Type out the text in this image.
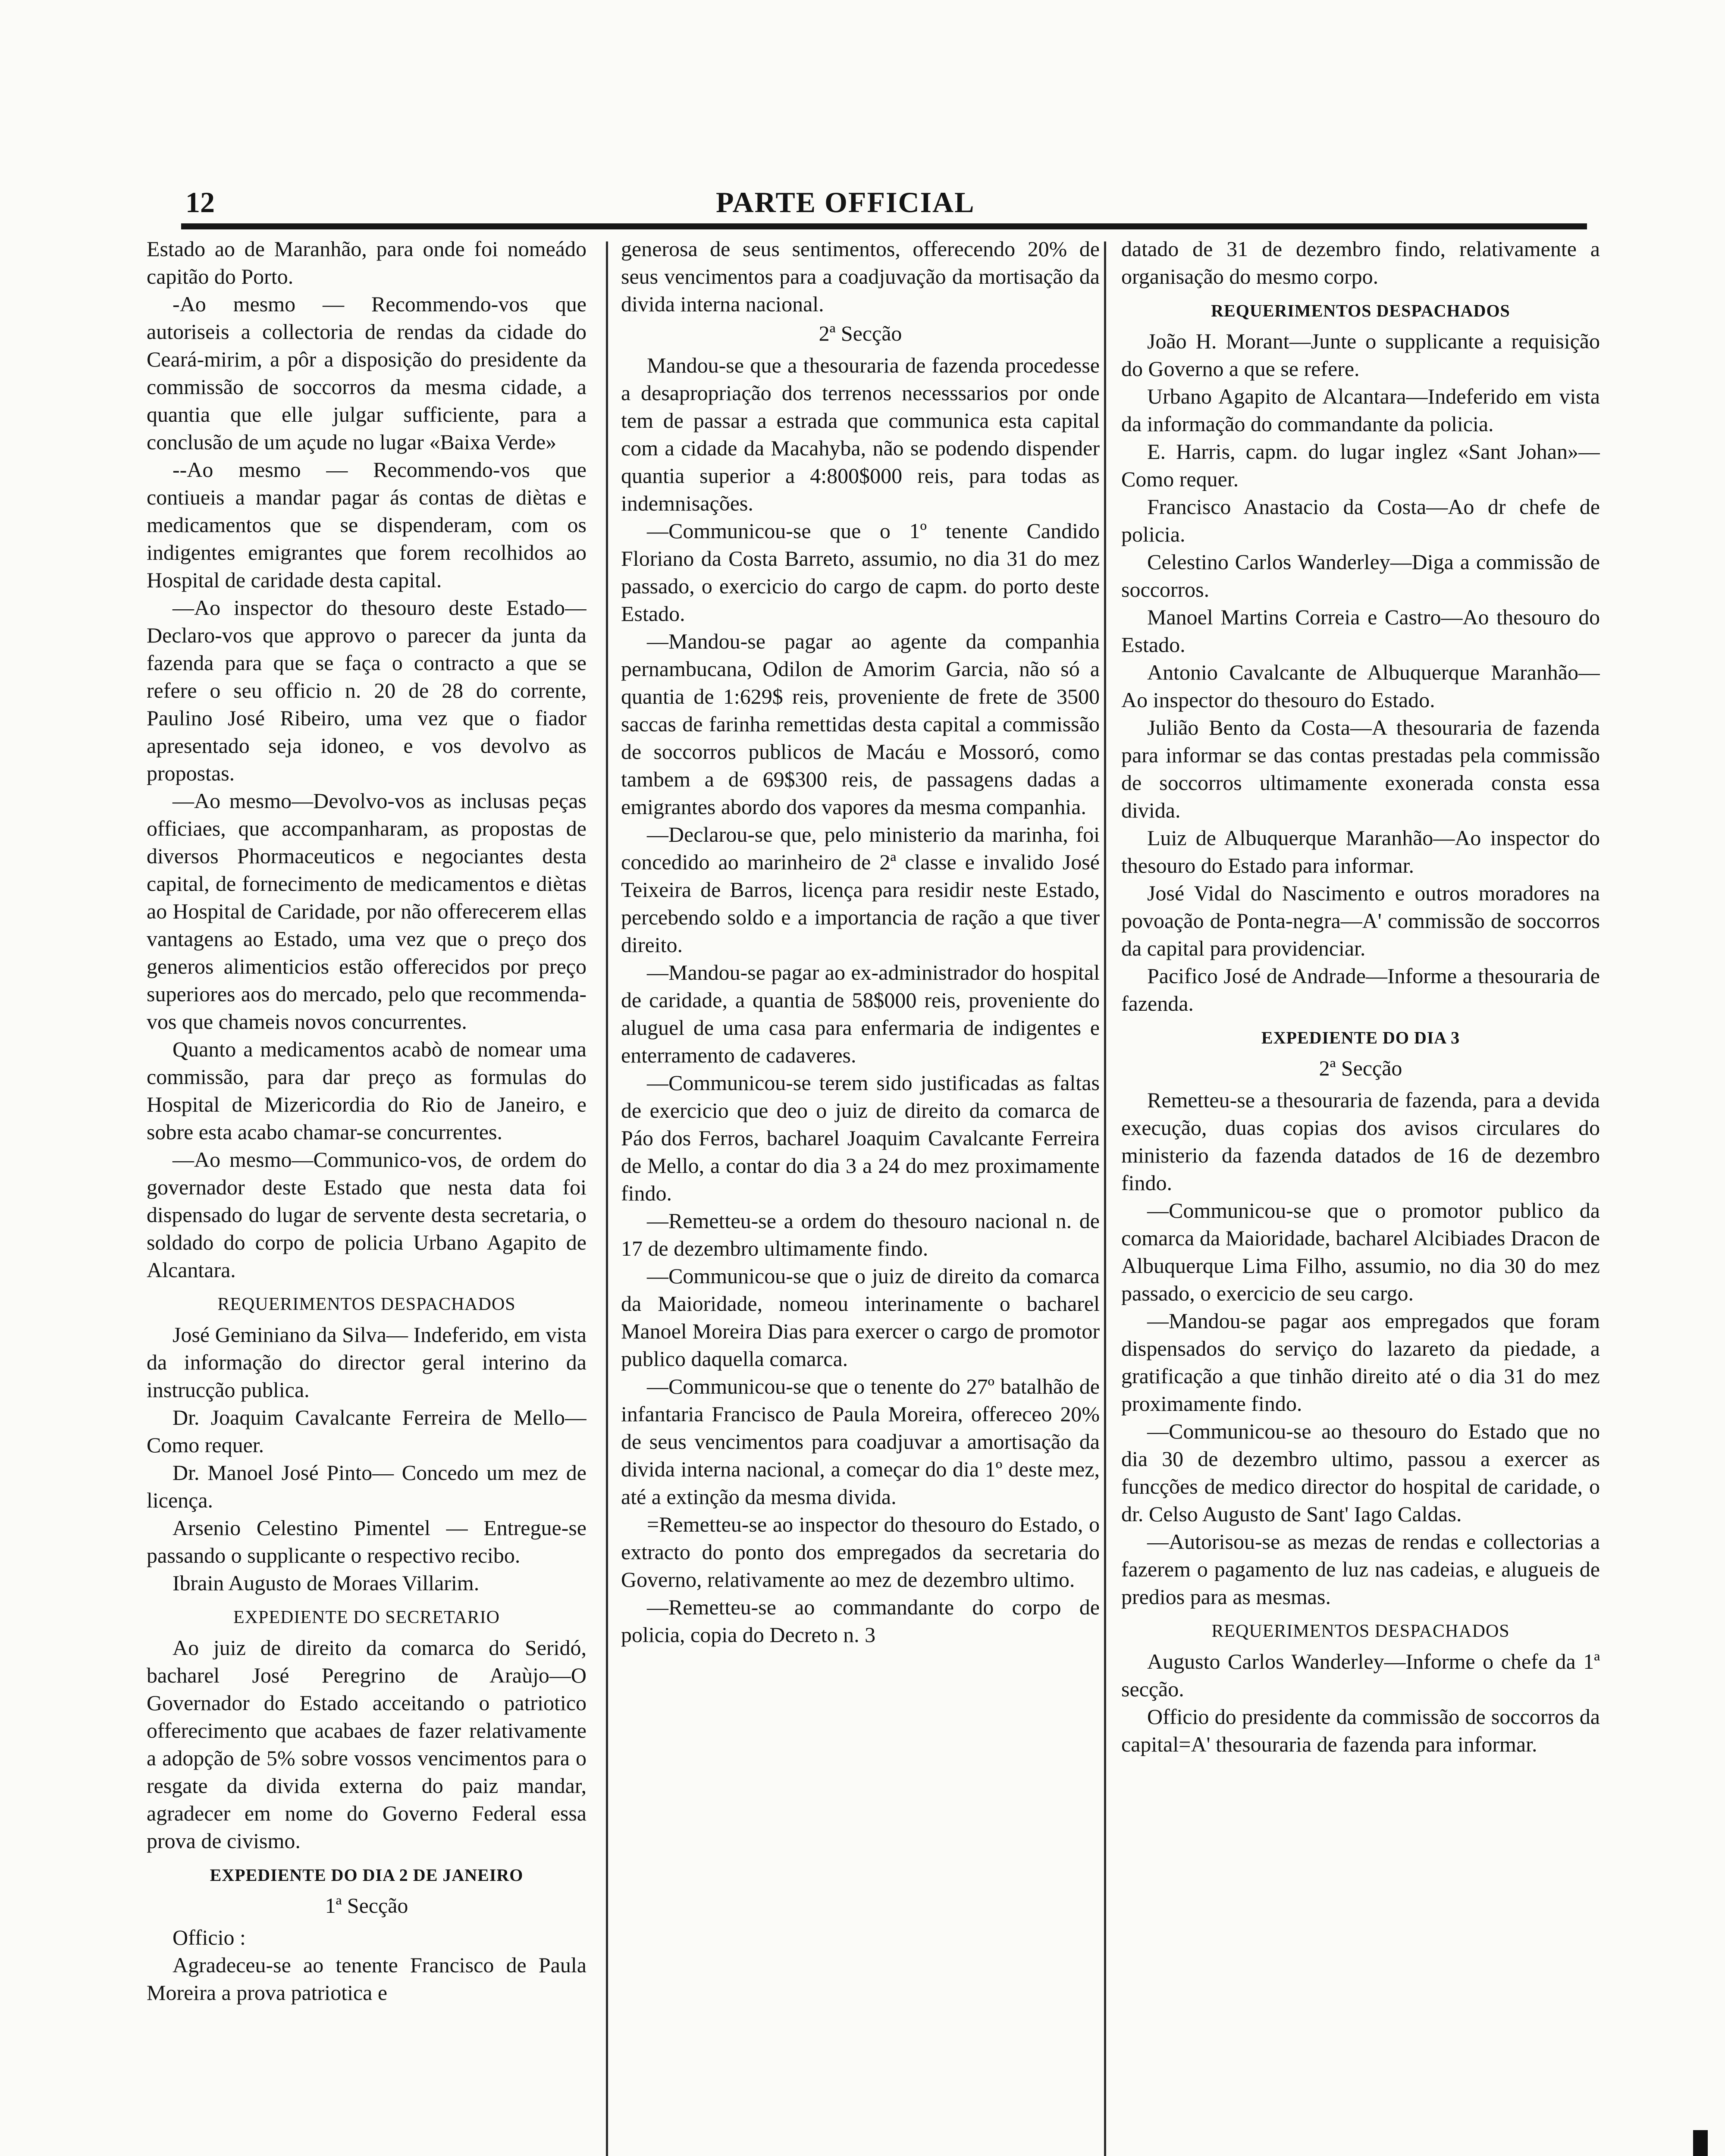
12	PARTE OFFICIAL

Estado ao de Maranhão, para onde foi nomeádo capitão do Porto.

-Ao mesmo — Recommendo-vos que autoriseis a collectoria de rendas da cidade do Ceará-mirim, a pôr a disposição do presidente da commissão de soccorros da mesma cidade, a quantia que elle julgar sufficiente, para a conclusão de um açude no lugar «Baixa Verde»

--Ao mesmo — Recommendo-vos que contiueis a mandar pagar ás contas de diètas e medicamentos que se dispenderam, com os indigentes emigrantes que forem recolhidos ao Hospital de caridade desta capital.

—Ao inspector do thesouro deste Estado—Declaro-vos que approvo o parecer da junta da fazenda para que se faça o contracto a que se refere o seu officio n. 20 de 28 do corrente, Paulino José Ribeiro, uma vez que o fiador apresentado seja idoneo, e vos devolvo as propostas.

—Ao mesmo—Devolvo-vos as inclusas peças officiaes, que accompanharam, as propostas de diversos Phormaceuticos e negociantes desta capital, de fornecimento de medicamentos e diètas ao Hospital de Caridade, por não offerecerem ellas vantagens ao Estado, uma vez que o preço dos generos alimenticios estão offerecidos por preço superiores aos do mercado, pelo que recommenda-vos que chameis novos concurrentes.

Quanto a medicamentos acabò de nomear uma commissão, para dar preço as formulas do Hospital de Mizericordia do Rio de Janeiro, e sobre esta acabo chamar-se concurrentes.

—Ao mesmo—Communico-vos, de ordem do governador deste Estado que nesta data foi dispensado do lugar de servente desta secretaria, o soldado do corpo de policia Urbano Agapito de Alcantara.

REQUERIMENTOS DESPACHADOS

José Geminiano da Silva— Indeferido, em vista da informação do director geral interino da instrucção publica.

Dr. Joaquim Cavalcante Ferreira de Mello—Como requer.

Dr. Manoel José Pinto— Concedo um mez de licença.

Arsenio Celestino Pimentel — Entregue-se passando o supplicante o respectivo recibo.

Ibrain Augusto de Moraes Villarim.

EXPEDIENTE DO SECRETARIO

Ao juiz de direito da comarca do Seridó, bacharel José Peregrino de Araùjo—O Governador do Estado acceitando o patriotico offerecimento que acabaes de fazer relativamente a adopção de 5% sobre vossos vencimentos para o resgate da divida externa do paiz mandar, agradecer em nome do Governo Federal essa prova de civismo.

EXPEDIENTE DO DIA 2 DE JANEIRO
1ª Secção

Officio :

Agradeceu-se ao tenente Francisco de Paula Moreira a prova patriotica e

generosa de seus sentimentos, offerecendo 20% de seus vencimentos para a coadjuvação da mortisação da divida interna nacional.

2ª Secção

Mandou-se que a thesouraria de fazenda procedesse a desapropriação dos terrenos necesssarios por onde tem de passar a estrada que communica esta capital com a cidade da Macahyba, não se podendo dispender quantia superior a 4:800$000 reis, para todas as indemnisações.

—Communicou-se que o 1º tenente Candido Floriano da Costa Barreto, assumio, no dia 31 do mez passado, o exercicio do cargo de capm. do porto deste Estado.

—Mandou-se pagar ao agente da companhia pernambucana, Odilon de Amorim Garcia, não só a quantia de 1:629$ reis, proveniente de frete de 3500 saccas de farinha remettidas desta capital a commissão de soccorros publicos de Macáu e Mossoró, como tambem a de 69$300 reis, de passagens dadas a emigrantes abordo dos vapores da mesma companhia.

—Declarou-se que, pelo ministerio da marinha, foi concedido ao marinheiro de 2ª classe e invalido José Teixeira de Barros, licença para residir neste Estado, percebendo soldo e a importancia de ração a que tiver direito.

—Mandou-se pagar ao ex-administrador do hospital de caridade, a quantia de 58$000 reis, proveniente do aluguel de uma casa para enfermaria de indigentes e enterramento de cadaveres.

—Communicou-se terem sido justificadas as faltas de exercicio que deo o juiz de direito da comarca de Páo dos Ferros, bacharel Joaquim Cavalcante Ferreira de Mello, a contar do dia 3 a 24 do mez proximamente findo.

—Remetteu-se a ordem do thesouro nacional n. de 17 de dezembro ultimamente findo.

—Communicou-se que o juiz de direito da comarca da Maioridade, nomeou interinamente o bacharel Manoel Moreira Dias para exercer o cargo de promotor publico daquella comarca.

—Communicou-se que o tenente do 27º batalhão de infantaria Francisco de Paula Moreira, offereceo 20% de seus vencimentos para coadjuvar a amortisação da divida interna nacional, a começar do dia 1º deste mez, até a extinção da mesma divida.

=Remetteu-se ao inspector do thesouro do Estado, o extracto do ponto dos empregados da secretaria do Governo, relativamente ao mez de dezembro ultimo.

—Remetteu-se ao commandante do corpo de policia, copia do Decreto n. 3

datado de 31 de dezembro findo, relativamente a organisação do mesmo corpo.

REQUERIMENTOS DESPACHADOS

João H. Morant—Junte o supplicante a requisição do Governo a que se refere.

Urbano Agapito de Alcantara—Indeferido em vista da informação do commandante da policia.

E. Harris, capm. do lugar inglez «Sant Johan»—Como requer.

Francisco Anastacio da Costa—Ao dr chefe de policia.

Celestino Carlos Wanderley—Diga a commissão de soccorros.

Manoel Martins Correia e Castro—Ao thesouro do Estado.

Antonio Cavalcante de Albuquerque Maranhão—Ao inspector do thesouro do Estado.

Julião Bento da Costa—A thesouraria de fazenda para informar se das contas prestadas pela commissão de soccorros ultimamente exonerada consta essa divida.

Luiz de Albuquerque Maranhão—Ao inspector do thesouro do Estado para informar.

José Vidal do Nascimento e outros moradores na povoação de Ponta-negra—A' commissão de soccorros da capital para providenciar.

Pacifico José de Andrade—Informe a thesouraria de fazenda.

EXPEDIENTE DO DIA 3
2ª Secção

Remetteu-se a thesouraria de fazenda, para a devida execução, duas copias dos avisos circulares do ministerio da fazenda datados de 16 de dezembro findo.

—Communicou-se que o promotor publico da comarca da Maioridade, bacharel Alcibiades Dracon de Albuquerque Lima Filho, assumio, no dia 30 do mez passado, o exercicio de seu cargo.

—Mandou-se pagar aos empregados que foram dispensados do serviço do lazareto da piedade, a gratificação a que tinhão direito até o dia 31 do mez proximamente findo.

—Communicou-se ao thesouro do Estado que no dia 30 de dezembro ultimo, passou a exercer as funcções de medico director do hospital de caridade, o dr. Celso Augusto de Sant' Iago Caldas.

—Autorisou-se as mezas de rendas e collectorias a fazerem o pagamento de luz nas cadeias, e alugueis de predios para as mesmas.

REQUERIMENTOS DESPACHADOS

Augusto Carlos Wanderley—Informe o chefe da 1ª secção.

Officio do presidente da commissão de soccorros da capital=A' thesouraria de fazenda para informar.
